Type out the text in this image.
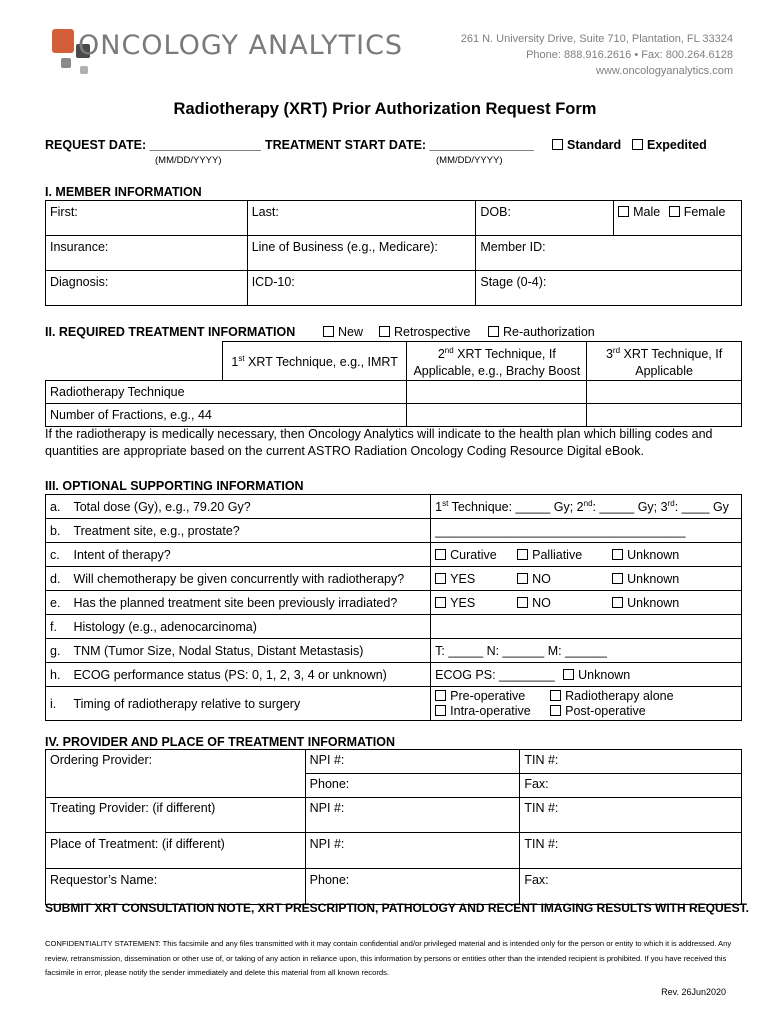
ONCOLOGY ANALYTICS	261 N. University Drive, Suite 710, Plantation, FL 33324
Phone: 888.916.2616 • Fax: 800.264.6128
www.oncologyanalytics.com
Radiotherapy (XRT) Prior Authorization Request Form
REQUEST DATE: ________________
(MM/DD/YYYY)
TREATMENT START DATE: _______________
(MM/DD/YYYY)
Standard	Expedited
I. MEMBER INFORMATION
First:	Last:	DOB:	Male Female
Insurance:	Line of Business (e.g., Medicare):	Member ID:	
Diagnosis:	ICD-10:	Stage (0-4):	
II. REQUIRED TREATMENT INFORMATION	New	Retrospective	Re-authorization
	1st XRT Technique, e.g., IMRT	2nd XRT Technique, If
Applicable, e.g., Brachy Boost	3rd XRT Technique, If
Applicable
Radiotherapy Technique			
Number of Fractions, e.g., 44			
If the radiotherapy is medically necessary, then Oncology Analytics will indicate to the health plan which billing codes and quantities are appropriate based on the current ASTRO Radiation Oncology Coding Resource Digital eBook.
III. OPTIONAL SUPPORTING INFORMATION
a.	Total dose (Gy), e.g., 79.20 Gy?	1st Technique: _____ Gy; 2nd: _____ Gy; 3rd: ____ Gy
b.	Treatment site, e.g., prostate?	____________________________________
c.	Intent of therapy?	Curative Palliative Unknown
d.	Will chemotherapy be given concurrently with radiotherapy?	YES NO Unknown
e.	Has the planned treatment site been previously irradiated?	YES NO Unknown
f.	Histology (e.g., adenocarcinoma)	
g.	TNM (Tumor Size, Nodal Status, Distant Metastasis)	T: _____ N: ______ M: ______
h.	ECOG performance status (PS: 0, 1, 2, 3, 4 or unknown)	ECOG PS: ________ Unknown
i.	Timing of radiotherapy relative to surgery	Pre-operative Radiotherapy alone
Intra-operative Post-operative
IV. PROVIDER AND PLACE OF TREATMENT INFORMATION
Ordering Provider:	NPI #:	TIN #:
	Phone:	Fax:
Treating Provider: (if different)	NPI #:	TIN #:
Place of Treatment: (if different)	NPI #:	TIN #:
Requestor’s Name:	Phone:	Fax:
SUBMIT XRT CONSULTATION NOTE, XRT PRESCRIPTION, PATHOLOGY AND RECENT IMAGING RESULTS WITH REQUEST.
CONFIDENTIALITY STATEMENT: This facsimile and any files transmitted with it may contain confidential and/or privileged material and is intended only for the person or entity to which it is addressed. Any review, retransmission, dissemination or other use of, or taking of any action in reliance upon, this information by persons or entities other than the intended recipient is prohibited. If you have received this facsimile in error, please notify the sender immediately and delete this material from all known records.
Rev. 26Jun2020
